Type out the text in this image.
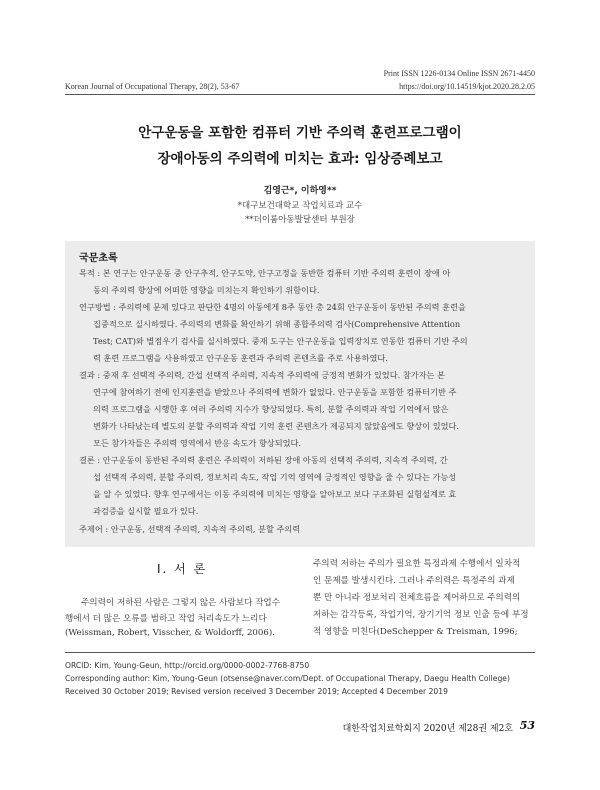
Print ISSN 1226-0134 Online ISSN 2671-4450
Korean Journal of Occupational Therapy, 28(2), 53-67	https://doi.org/10.14519/kjot.2020.28.2.05
안구운동을 포함한 컴퓨터 기반 주의력 훈련프로그램이
장애아동의 주의력에 미치는 효과: 임상증례보고
김영근*, 이하영**
*대구보건대학교 작업치료과 교수
**더이룸아동발달센터 부원장
국문초록
목적 : 본 연구는 안구운동 중 안구추적, 안구도약, 안구고정을 동반한 컴퓨터 기반 주의력 훈련이 장애 아
동의 주의력 향상에 어떠한 영향을 미치는지 확인하기 위함이다.
연구방법 : 주의력에 문제 있다고 판단한 4명의 아동에게 8주 동안 총 24회 안구운동이 동반된 주의력 훈련을
집중적으로 실시하였다. 주의력의 변화를 확인하기 위해 종합주의력 검사(Comprehensive Attention
Test; CAT)와 별점우기 검사를 실시하였다. 중재 도구는 안구운동을 입력장치로 연동한 컴퓨터 기반 주의
력 훈련 프로그램을 사용하였고 안구운동 훈련과 주의력 콘텐츠를 주로 사용하였다.
결과 : 중재 후 선택적 주의력, 간섭 선택적 주의력, 지속적 주의력에 긍정적 변화가 있었다. 참가자는 본
연구에 참여하기 전에 인지훈련을 받았으나 주의력에 변화가 없었다. 안구운동을 포함한 컴퓨터기반 주
의력 프로그램을 시행한 후 여러 주의력 지수가 향상되었다. 특히, 분할 주의력과 작업 기억에서 많은
변화가 나타났는데 별도의 분할 주의력과 작업 기억 훈련 콘텐츠가 제공되지 않았음에도 향상이 있었다.
모든 참가자들은 주의력 영역에서 반응 속도가 향상되었다.
결론 : 안구운동이 동반된 주의력 훈련은 주의력이 저하된 장애 아동의 선택적 주의력, 지속적 주의력, 간
섭 선택적 주의력, 분할 주의력, 정보처리 속도, 작업 기억 영역에 긍정적인 영향을 줄 수 있다는 가능성
을 알 수 있었다. 향후 연구에서는 이동 주의력에 미치는 영향을 알아보고 보다 구조화된 실험설계로 효
과검증을 실시할 필요가 있다.
주제어 : 안구운동, 선택적 주의력, 지속적 주의력, 분할 주의력
Ⅰ. 서 론
주의력이 저하된 사람은 그렇지 않은 사람보다 작업수
행에서 더 많은 오류를 범하고 작업 처리속도가 느리다
(Weissman, Robert, Visscher, & Woldorff, 2006).
주의력 저하는 주의가 필요한 특정과제 수행에서 일차적
인 문제를 발생시킨다. 그러나 주의력은 특정주의 과제
뿐 만 아니라 정보처리 전체흐름을 제어하므로 주의력의
저하는 감각등록, 작업기억, 장기기억 정보 인출 등에 부정
적 영향을 미친다(DeSchepper & Treisman, 1996;
ORCID: Kim, Young-Geun, http://orcid.org/0000-0002-7768-8750
Corresponding author: Kim, Young-Geun (otsense@naver.com/Dept. of Occupational Therapy, Daegu Health College)
Received 30 October 2019; Revised version received 3 December 2019; Accepted 4 December 2019
대한작업치료학회지 2020년 제28권 제2호 53
